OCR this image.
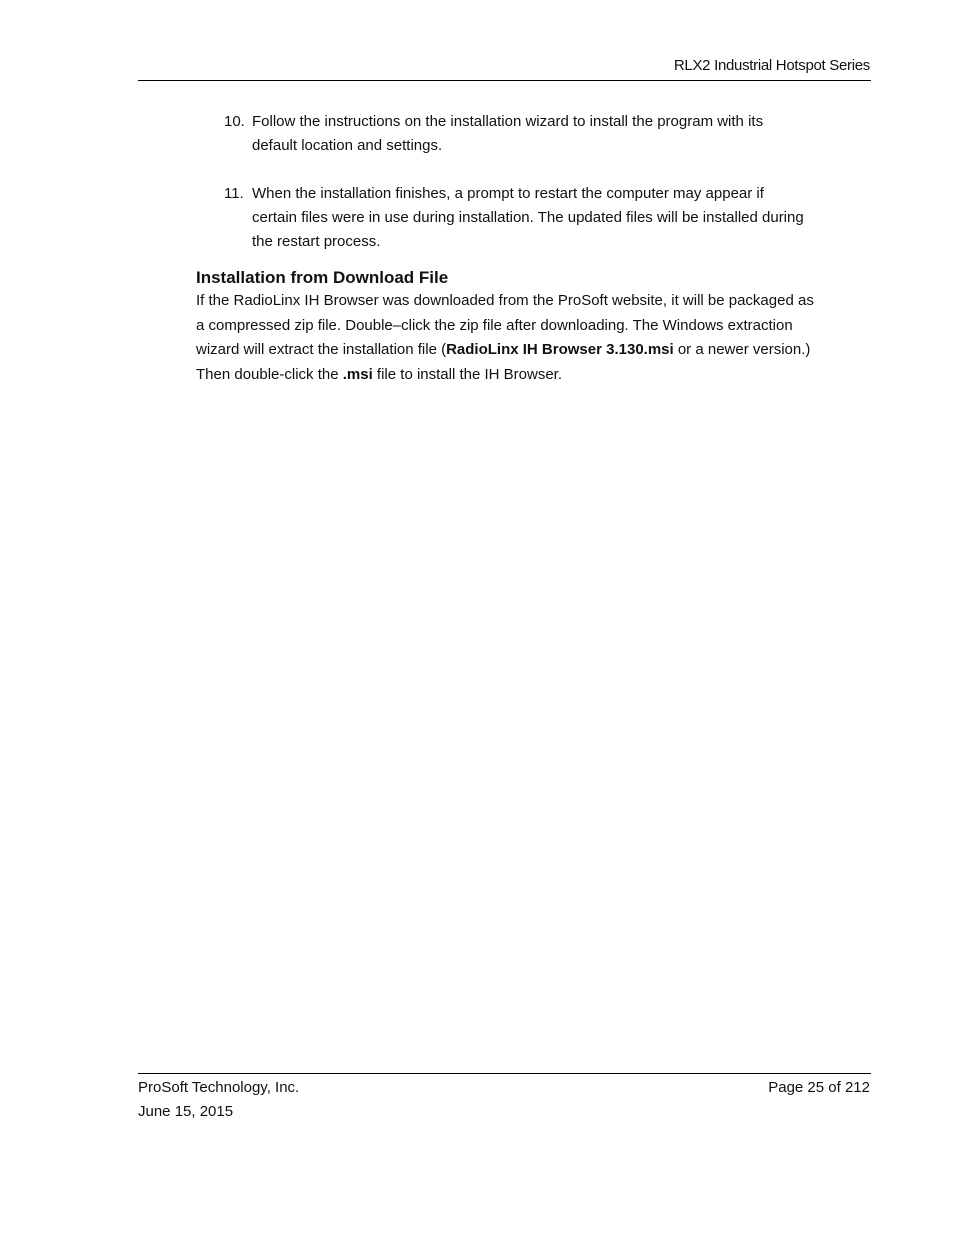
RLX2 Industrial Hotspot Series
10. Follow the instructions on the installation wizard to install the program with its default location and settings.
11. When the installation finishes, a prompt to restart the computer may appear if certain files were in use during installation. The updated files will be installed during the restart process.
Installation from Download File

If the RadioLinx IH Browser was downloaded from the ProSoft website, it will be packaged as a compressed zip file. Double–click the zip file after downloading. The Windows extraction wizard will extract the installation file (RadioLinx IH Browser 3.130.msi or a newer version.) Then double-click the .msi file to install the IH Browser.

ProSoft Technology, Inc.
June 15, 2015
Page 25 of 212
